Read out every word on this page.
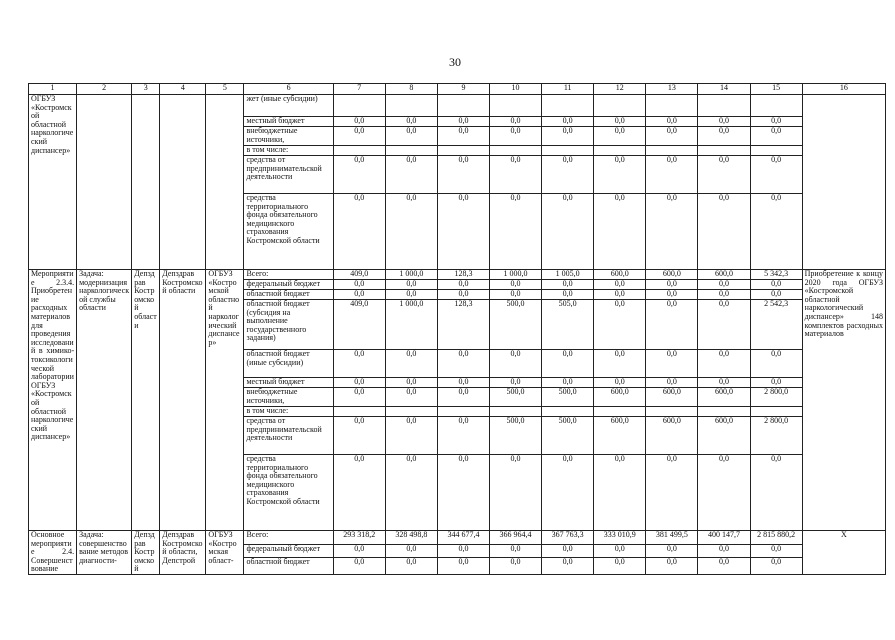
30
1	2	3	4	5	6	7	8	9	10	11	12	13	14	15	16
ОГБУЗ «Костромской областной наркологический диспансер»					жет (иные субсидии)										
					местный бюджет	0,0	0,0	0,0	0,0	0,0	0,0	0,0	0,0	0,0	
					внебюджетные источники,	0,0	0,0	0,0	0,0	0,0	0,0	0,0	0,0	0,0	
					в том числе:										
					средства от предпринимательской деятельности	0,0	0,0	0,0	0,0	0,0	0,0	0,0	0,0	0,0	
					средства территориального фонда обязательного медицинского страхования Костромской области	0,0	0,0	0,0	0,0	0,0	0,0	0,0	0,0	0,0	
Мероприятие 2.3.4. Приобретение расходных материалов для проведения исследований в химико-токсикологической лаборатории ОГБУЗ «Костромской областной наркологический диспансер»	Задача: модернизация наркологической службы области	Депздрав Костромской области	Депздрав Костромской области	ОГБУЗ «Костромской областной наркологический диспансер»	Всего:	409,0	1 000,0	128,3	1 000,0	1 005,0	600,0	600,0	600,0	5 342,3	Приобретение к концу 2020 года ОГБУЗ «Костромской областной наркологический диспансер» 148 комплектов расходных материалов
					федеральный бюджет	0,0	0,0	0,0	0,0	0,0	0,0	0,0	0,0	0,0	
					областной бюджет	0,0	0,0	0,0	0,0	0,0	0,0	0,0	0,0	0,0	
					областной бюджет (субсидия на выполнение государственного задания)	409,0	1 000,0	128,3	500,0	505,0	0,0	0,0	0,0	2 542,3	
					областной бюджет (иные субсидии)	0,0	0,0	0,0	0,0	0,0	0,0	0,0	0,0	0,0	
					местный бюджет	0,0	0,0	0,0	0,0	0,0	0,0	0,0	0,0	0,0	
					внебюджетные источники,	0,0	0,0	0,0	500,0	500,0	600,0	600,0	600,0	2 800,0	
					в том числе:										
					средства от предпринимательской деятельности	0,0	0,0	0,0	500,0	500,0	600,0	600,0	600,0	2 800,0	
					средства территориального фонда обязательного медицинского страхования Костромской области	0,0	0,0	0,0	0,0	0,0	0,0	0,0	0,0	0,0	
Основное мероприятие 2.4. Совершенствование	Задача: совершенствование методов диагности-	Депздрав Костромской	Депздрав Костромской области, Депстрой	ОГБУЗ «Костромская област-	Всего:	293 318,2	328 498,8	344 677,4	366 964,4	367 763,3	333 010,9	381 499,5	400 147,7	2 815 880,2	X
					федеральный бюджет	0,0	0,0	0,0	0,0	0,0	0,0	0,0	0,0	0,0	
					областной бюджет	0,0	0,0	0,0	0,0	0,0	0,0	0,0	0,0	0,0	
